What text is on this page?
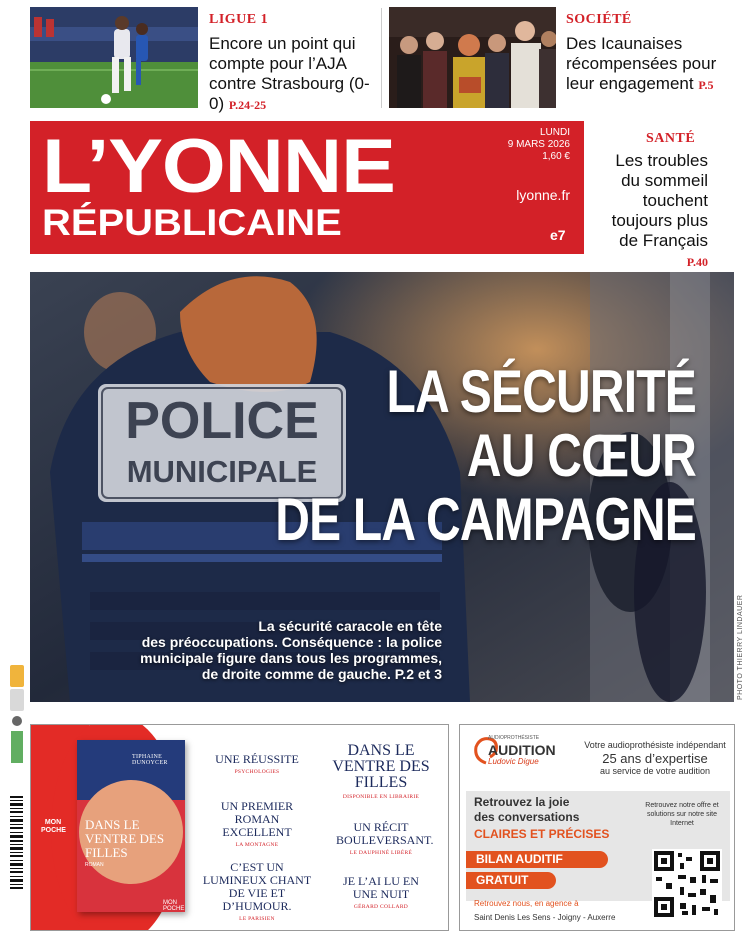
LIGUE 1
Encore un point qui compte pour l’AJA contre Strasbourg (0-0) P.24-25
SOCIÉTÉ
Des Icaunaises récompensées pour leur engagement P.5
L’YONNE
RÉPUBLICAINE
LUNDI
9 MARS 2026
1,60 €
lyonne.fr
e7
SANTÉ
Les troubles du sommeil touchent toujours plus de Français P.40
POLICE
MUNICIPALE
LA SÉCURITÉ
AU CŒUR
DE LA CAMPAGNE
La sécurité caracole en tête
des préoccupations. Conséquence : la police
municipale figure dans tous les programmes,
de droite comme de gauche. P.2 et 3	PHOTO THIERRY LINDAUER
MON POCHE
TIPHAINE DUNOYCER
DANS LE VENTRE DES FILLES
ROMAN
MON POCHE
UNE RÉUSSITE
PSYCHOLOGIES
DANS LE VENTRE DES FILLES
DISPONIBLE EN LIBRAIRIE
UN PREMIER ROMAN EXCELLENT
LA MONTAGNE
UN RÉCIT BOULEVERSANT.
LE DAUPHINÉ LIBÉRÉ
C’EST UN LUMINEUX CHANT DE VIE ET D’HUMOUR.
LE PARISIEN
JE L’AI LU EN UNE NUIT
GÉRARD COLLARD
AUDIOPROTHÉSISTE
AUDITION
Ludovic Digue
Votre audioprothésiste indépendant
25 ans d’expertise
au service de votre audition
Retrouvez la joie
des conversations
CLAIRES ET PRÉCISES
BILAN AUDITIF
GRATUIT
Retrouvez notre offre et solutions sur notre site Internet
Retrouvez nous, en agence à
Saint Denis Les Sens - Joigny - Auxerre
